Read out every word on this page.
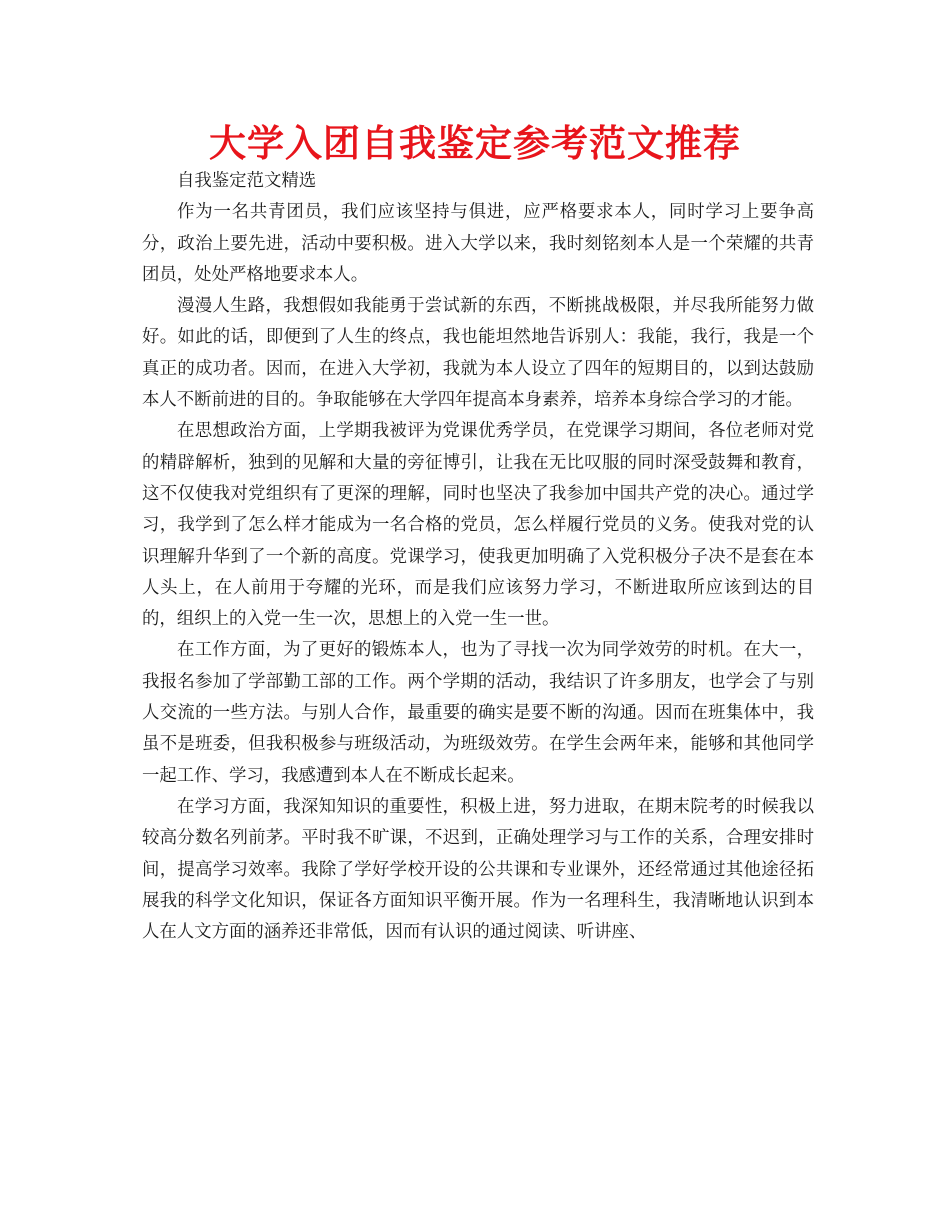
大学入团自我鉴定参考范文推荐

自我鉴定范文精选

作为一名共青团员，我们应该坚持与俱进，应严格要求本人，同时学习上要争高分，政治上要先进，活动中要积极。进入大学以来，我时刻铭刻本人是一个荣耀的共青团员，处处严格地要求本人。

漫漫人生路，我想假如我能勇于尝试新的东西，不断挑战极限，并尽我所能努力做好。如此的话，即便到了人生的终点，我也能坦然地告诉别人：我能，我行，我是一个真正的成功者。因而，在进入大学初，我就为本人设立了四年的短期目的，以到达鼓励本人不断前进的目的。争取能够在大学四年提高本身素养，培养本身综合学习的才能。

在思想政治方面，上学期我被评为党课优秀学员，在党课学习期间，各位老师对党的精辟解析，独到的见解和大量的旁征博引，让我在无比叹服的同时深受鼓舞和教育，这不仅使我对党组织有了更深的理解，同时也坚决了我参加中国共产党的决心。通过学习，我学到了怎么样才能成为一名合格的党员，怎么样履行党员的义务。使我对党的认识理解升华到了一个新的高度。党课学习，使我更加明确了入党积极分子决不是套在本人头上，在人前用于夸耀的光环，而是我们应该努力学习，不断进取所应该到达的目的，组织上的入党一生一次，思想上的入党一生一世。

在工作方面，为了更好的锻炼本人，也为了寻找一次为同学效劳的时机。在大一，我报名参加了学部勤工部的工作。两个学期的活动，我结识了许多朋友，也学会了与别人交流的一些方法。与别人合作，最重要的确实是要不断的沟通。因而在班集体中，我虽不是班委，但我积极参与班级活动，为班级效劳。在学生会两年来，能够和其他同学一起工作、学习，我感遭到本人在不断成长起来。

在学习方面，我深知知识的重要性，积极上进，努力进取，在期末院考的时候我以较高分数名列前茅。平时我不旷课，不迟到，正确处理学习与工作的关系，合理安排时间，提高学习效率。我除了学好学校开设的公共课和专业课外，还经常通过其他途径拓展我的科学文化知识，保证各方面知识平衡开展。作为一名理科生，我清晰地认识到本人在人文方面的涵养还非常低，因而有认识的通过阅读、听讲座、
